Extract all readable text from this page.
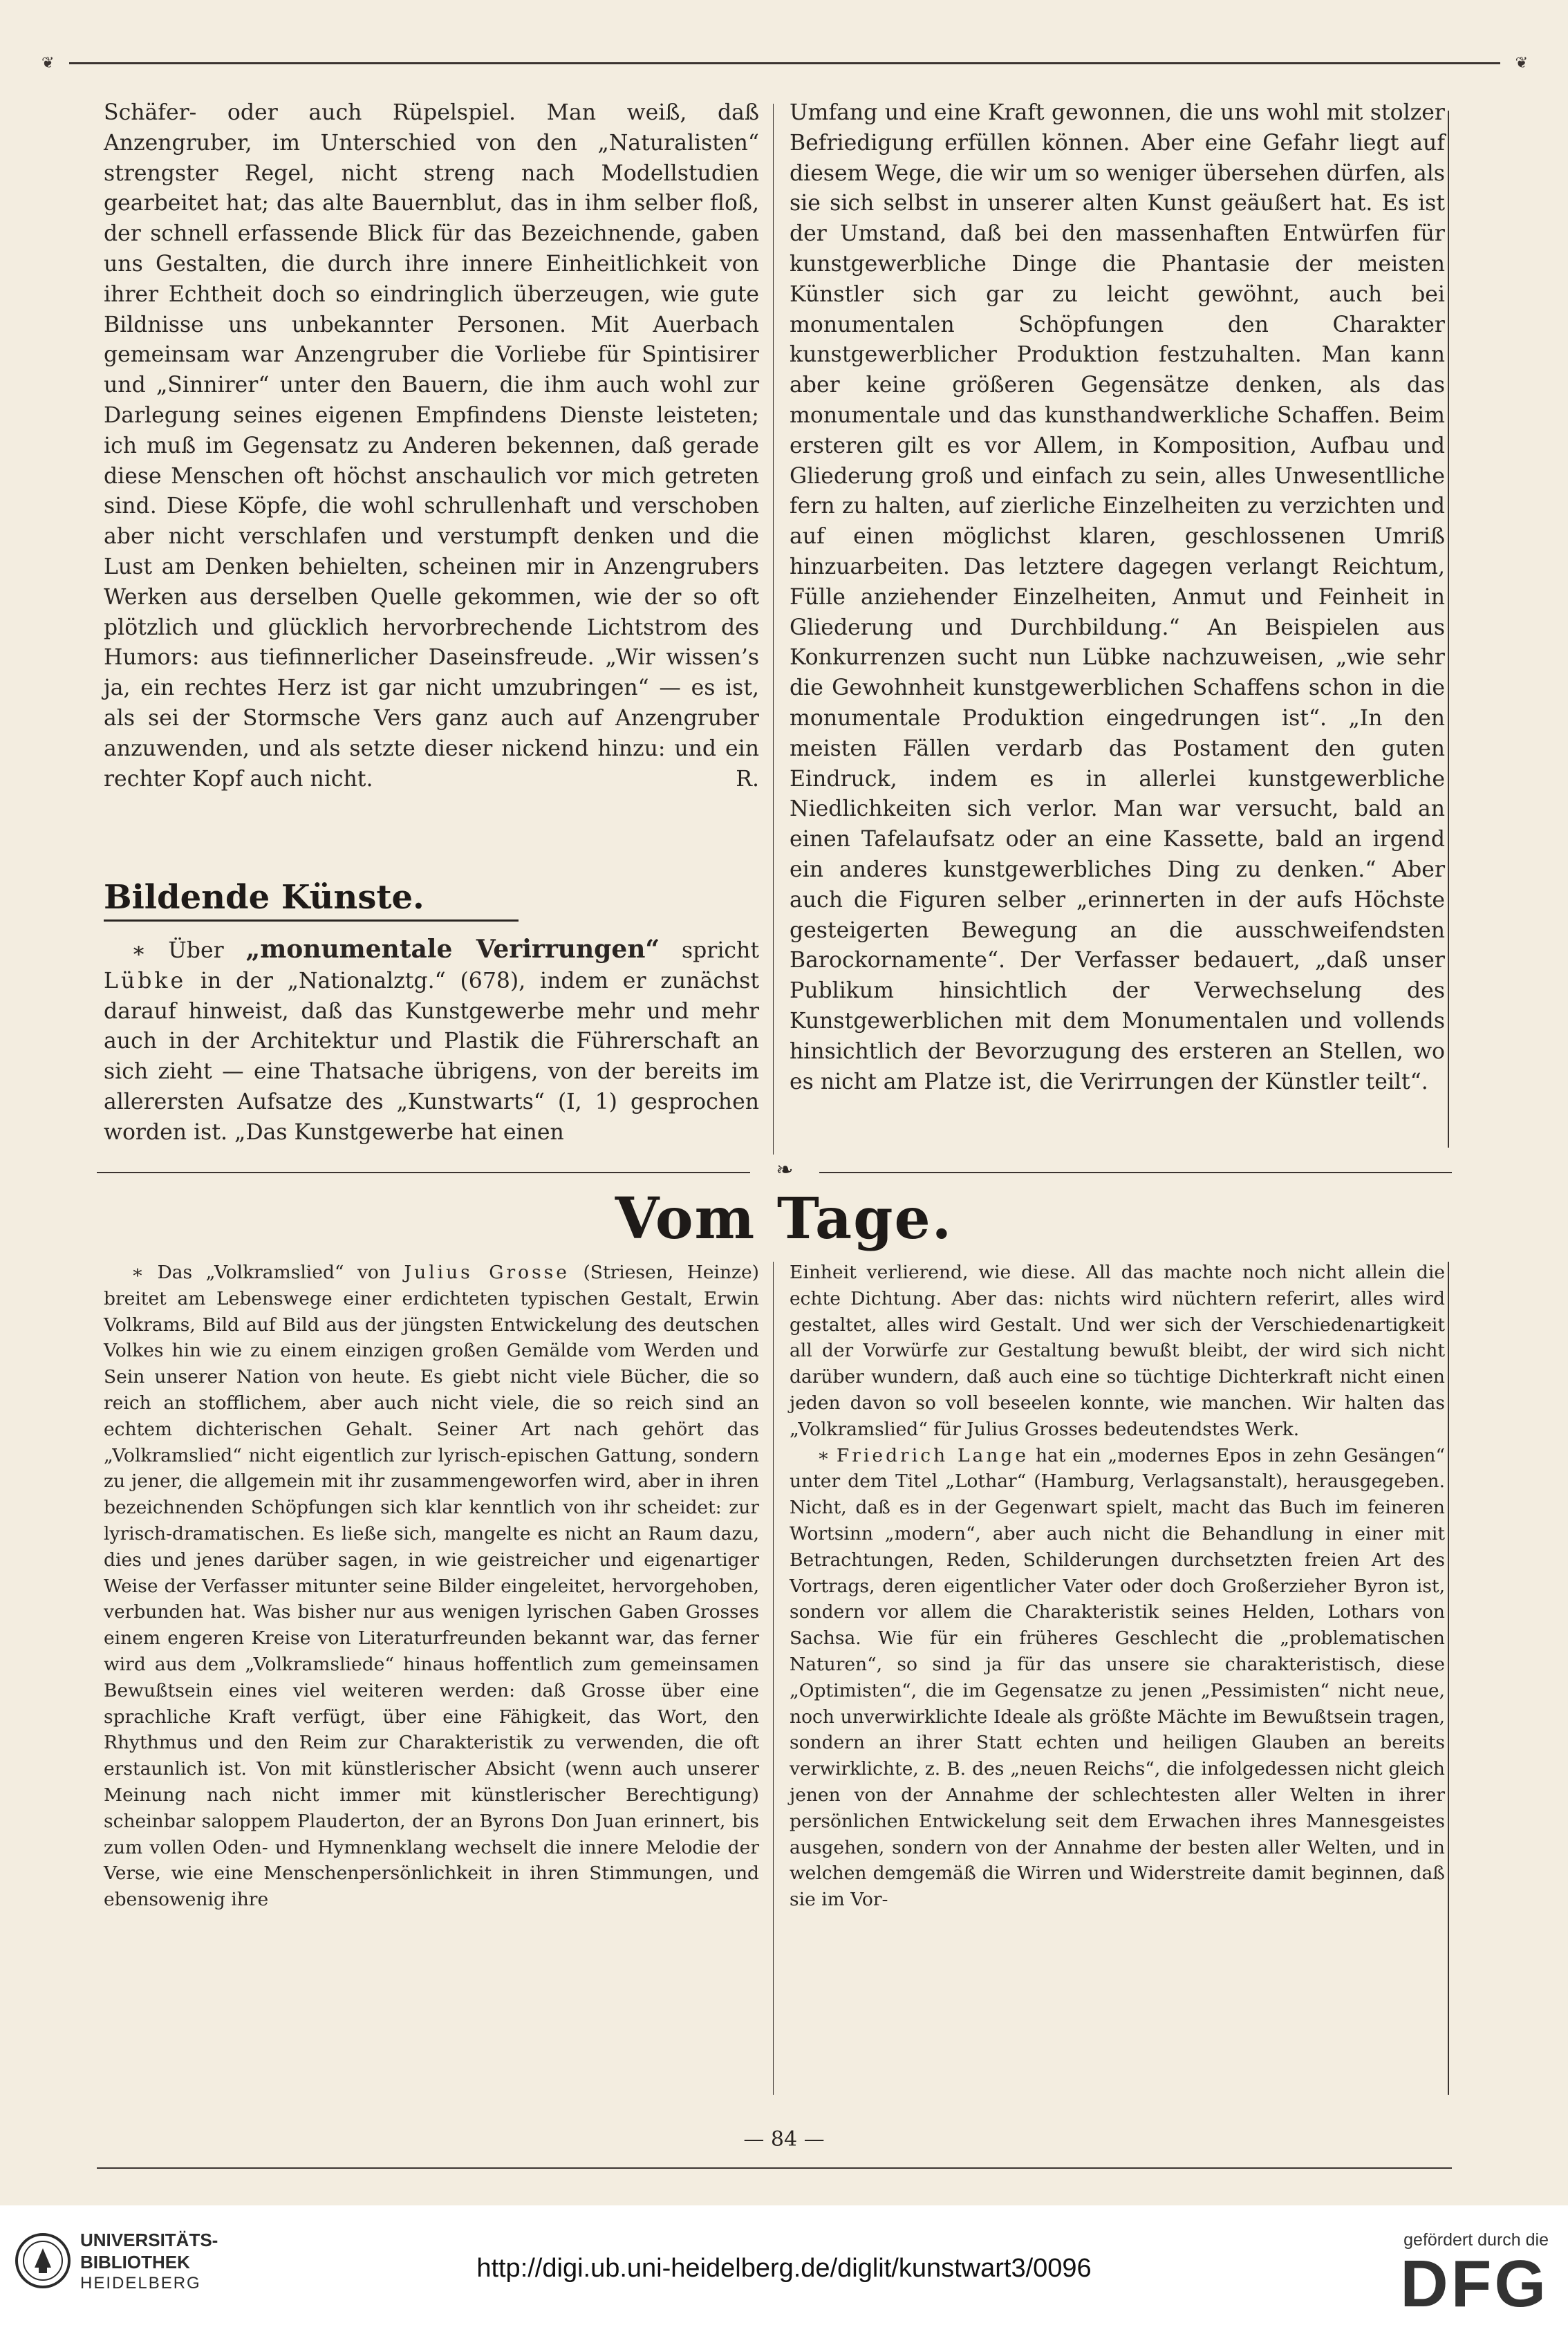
❦	❦

Schäfer- oder auch Rüpelspiel. Man weiß, daß Anzengruber, im Unterschied von den „Naturalisten“ strengster Regel, nicht streng nach Modellstudien gearbeitet hat; das alte Bauernblut, das in ihm selber floß, der schnell erfassende Blick für das Bezeichnende, gaben uns Gestalten, die durch ihre innere Einheitlichkeit von ihrer Echtheit doch so eindringlich überzeugen, wie gute Bildnisse uns unbekannter Personen. Mit Auerbach gemeinsam war Anzengruber die Vorliebe für Spintisirer und „Sinnirer“ unter den Bauern, die ihm auch wohl zur Darlegung seines eigenen Empfindens Dienste leisteten; ich muß im Gegensatz zu Anderen bekennen, daß gerade diese Menschen oft höchst anschaulich vor mich getreten sind. Diese Köpfe, die wohl schrullenhaft und verschoben aber nicht verschlafen und verstumpft denken und die Lust am Denken behielten, scheinen mir in Anzengrubers Werken aus derselben Quelle gekommen, wie der so oft plötzlich und glücklich hervorbrechende Lichtstrom des Humors: aus tiefinnerlicher Daseinsfreude. „Wir wissen’s ja, ein rechtes Herz ist gar nicht umzubringen“ — es ist, als sei der Stormsche Vers ganz auch auf Anzengruber anzuwenden, und als setzte dieser nickend hinzu: und ein rechter Kopf auch nicht.	R.

Bildende Künste.

∗ Über „monumentale Verirrungen“ spricht Lübke in der „Nationalztg.“ (678), indem er zunächst darauf hinweist, daß das Kunstgewerbe mehr und mehr auch in der Architektur und Plastik die Führerschaft an sich zieht — eine Thatsache übrigens, von der bereits im allerersten Aufsatze des „Kunstwarts“ (I, 1) gesprochen worden ist. „Das Kunstgewerbe hat einen

Umfang und eine Kraft gewonnen, die uns wohl mit stolzer Befriedigung erfüllen können. Aber eine Gefahr liegt auf diesem Wege, die wir um so weniger übersehen dürfen, als sie sich selbst in unserer alten Kunst geäußert hat. Es ist der Umstand, daß bei den massenhaften Entwürfen für kunstgewerbliche Dinge die Phantasie der meisten Künstler sich gar zu leicht gewöhnt, auch bei monumentalen Schöpfungen den Charakter kunstgewerblicher Produktion festzuhalten. Man kann aber keine größeren Gegensätze denken, als das monumentale und das kunsthandwerkliche Schaffen. Beim ersteren gilt es vor Allem, in Komposition, Aufbau und Gliederung groß und einfach zu sein, alles Unwesentlliche fern zu halten, auf zierliche Einzelheiten zu verzichten und auf einen möglichst klaren, geschlossenen Umriß hinzuarbeiten. Das letztere dagegen verlangt Reichtum, Fülle anziehender Einzelheiten, Anmut und Feinheit in Gliederung und Durchbildung.“ An Beispielen aus Konkurrenzen sucht nun Lübke nachzuweisen, „wie sehr die Gewohnheit kunstgewerblichen Schaffens schon in die monumentale Produktion eingedrungen ist“. „In den meisten Fällen verdarb das Postament den guten Eindruck, indem es in allerlei kunstgewerbliche Niedlichkeiten sich verlor. Man war versucht, bald an einen Tafelaufsatz oder an eine Kassette, bald an irgend ein anderes kunstgewerbliches Ding zu denken.“ Aber auch die Figuren selber „erinnerten in der aufs Höchste gesteigerten Bewegung an die ausschweifendsten Barockornamente“. Der Verfasser bedauert, „daß unser Publikum hinsichtlich der Verwechselung des Kunstgewerblichen mit dem Monumentalen und vollends hinsichtlich der Bevorzugung des ersteren an Stellen, wo es nicht am Platze ist, die Verirrungen der Künstler teilt“.

❧
Vom Tage.

∗ Das „Volkramslied“ von Julius Grosse (Striesen, Heinze) breitet am Lebenswege einer erdichteten typischen Gestalt, Erwin Volkrams, Bild auf Bild aus der jüngsten Entwickelung des deutschen Volkes hin wie zu einem einzigen großen Gemälde vom Werden und Sein unserer Nation von heute. Es giebt nicht viele Bücher, die so reich an stofflichem, aber auch nicht viele, die so reich sind an echtem dichterischen Gehalt. Seiner Art nach gehört das „Volkramslied“ nicht eigentlich zur lyrisch-epischen Gattung, sondern zu jener, die allgemein mit ihr zusammengeworfen wird, aber in ihren bezeichnenden Schöpfungen sich klar kenntlich von ihr scheidet: zur lyrisch-dramatischen. Es ließe sich, mangelte es nicht an Raum dazu, dies und jenes darüber sagen, in wie geistreicher und eigenartiger Weise der Verfasser mitunter seine Bilder eingeleitet, hervorgehoben, verbunden hat. Was bisher nur aus wenigen lyrischen Gaben Grosses einem engeren Kreise von Literaturfreunden bekannt war, das ferner wird aus dem „Volkramsliede“ hinaus hoffentlich zum gemeinsamen Bewußtsein eines viel weiteren werden: daß Grosse über eine sprachliche Kraft verfügt, über eine Fähigkeit, das Wort, den Rhythmus und den Reim zur Charakteristik zu verwenden, die oft erstaunlich ist. Von mit künstlerischer Absicht (wenn auch unserer Meinung nach nicht immer mit künstlerischer Berechtigung) scheinbar saloppem Plauderton, der an Byrons Don Juan erinnert, bis zum vollen Oden- und Hymnenklang wechselt die innere Melodie der Verse, wie eine Menschenpersönlichkeit in ihren Stimmungen, und ebensowenig ihre

Einheit verlierend, wie diese. All das machte noch nicht allein die echte Dichtung. Aber das: nichts wird nüchtern referirt, alles wird gestaltet, alles wird Gestalt. Und wer sich der Verschiedenartigkeit all der Vorwürfe zur Gestaltung bewußt bleibt, der wird sich nicht darüber wundern, daß auch eine so tüchtige Dichterkraft nicht einen jeden davon so voll beseelen konnte, wie manchen. Wir halten das „Volkramslied“ für Julius Grosses bedeutendstes Werk.

∗ Friedrich Lange hat ein „modernes Epos in zehn Gesängen“ unter dem Titel „Lothar“ (Hamburg, Verlagsanstalt), herausgegeben. Nicht, daß es in der Gegenwart spielt, macht das Buch im feineren Wortsinn „modern“, aber auch nicht die Behandlung in einer mit Betrachtungen, Reden, Schilderungen durchsetzten freien Art des Vortrags, deren eigentlicher Vater oder doch Großerzieher Byron ist, sondern vor allem die Charakteristik seines Helden, Lothars von Sachsa. Wie für ein früheres Geschlecht die „problematischen Naturen“, so sind ja für das unsere sie charakteristisch, diese „Optimisten“, die im Gegensatze zu jenen „Pessimisten“ nicht neue, noch unverwirklichte Ideale als größte Mächte im Bewußtsein tragen, sondern an ihrer Statt echten und heiligen Glauben an bereits verwirklichte, z. B. des „neuen Reichs“, die infolgedessen nicht gleich jenen von der Annahme der schlechtesten aller Welten in ihrer persönlichen Entwickelung seit dem Erwachen ihres Mannesgeistes ausgehen, sondern von der Annahme der besten aller Welten, und in welchen demgemäß die Wirren und Widerstreite damit beginnen, daß sie im Vor-

— 84 —
UNIVERSITÄTS-
BIBLIOTHEK
HEIDELBERG
http://digi.ub.uni-heidelberg.de/diglit/kunstwart3/0096
gefördert durch die
DFG
